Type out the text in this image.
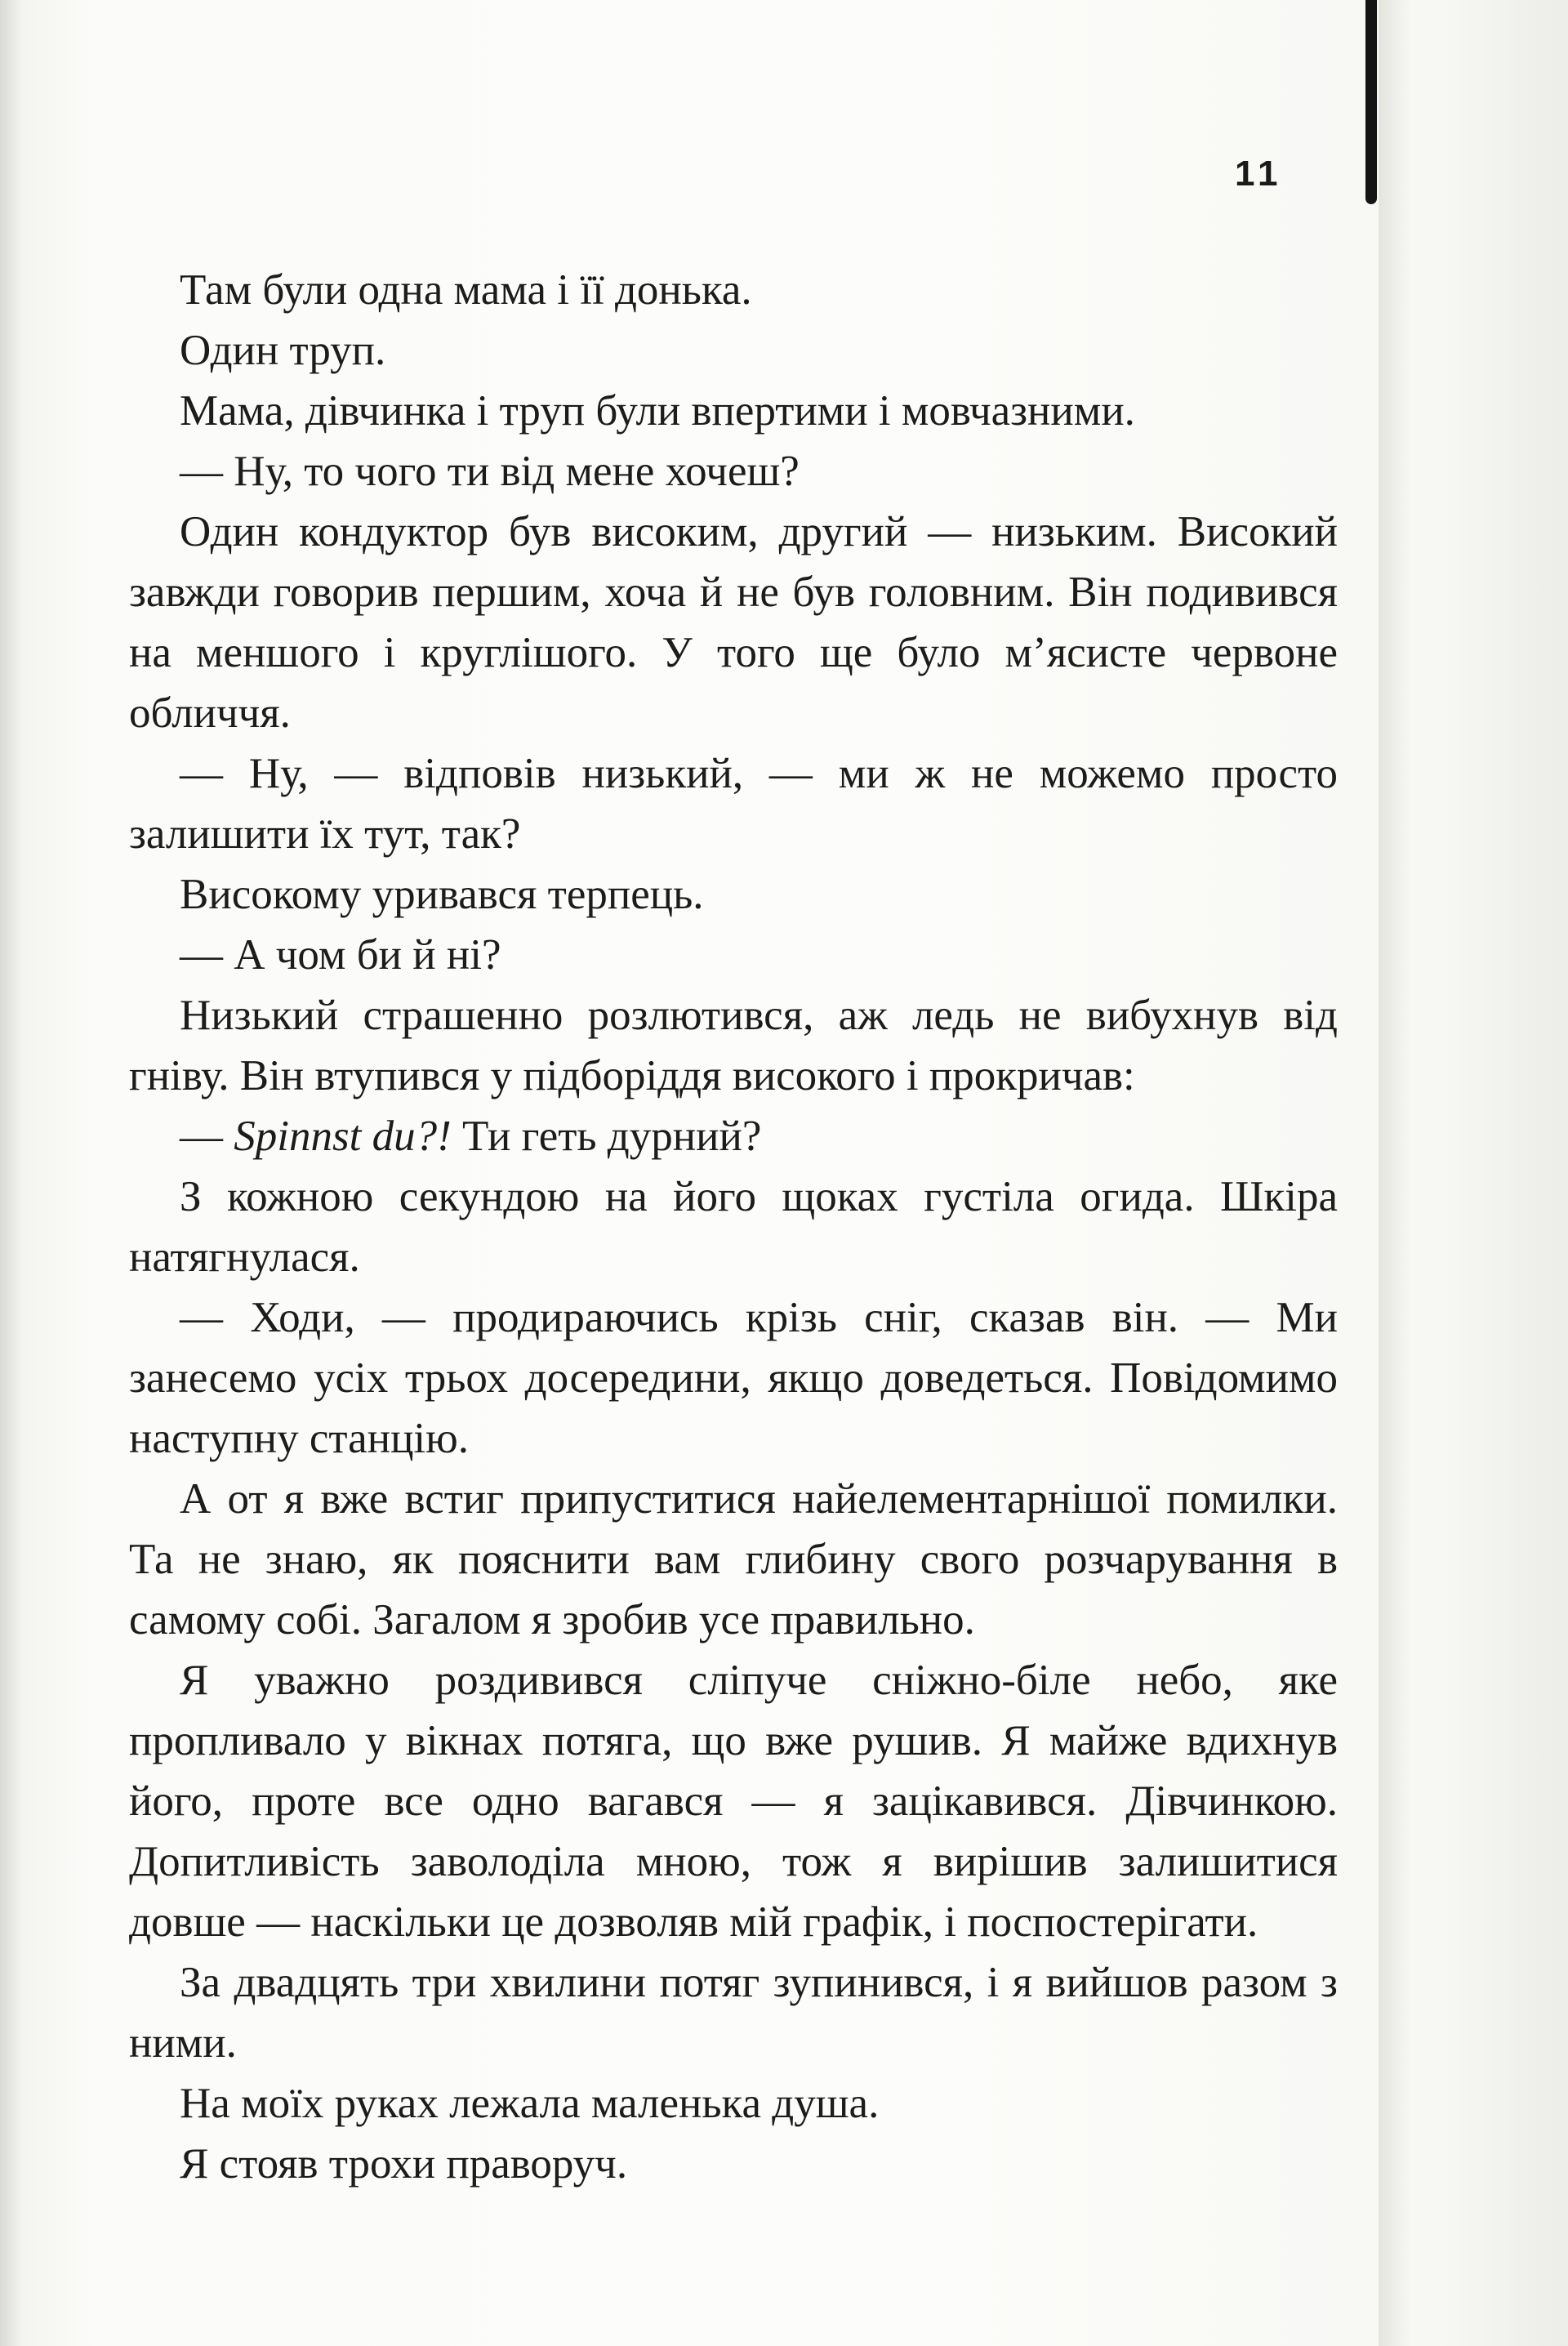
11

Там були одна мама і її донька.

Один труп.

Мама, дівчинка і труп були впертими і мовчазними.

— Ну, то чого ти від мене хочеш?

Один кондуктор був високим, другий — низьким. Високий завжди говорив першим, хоча й не був головним. Він подивився на меншого і круглішого. У того ще було м’ясисте червоне обличчя.

— Ну, — відповів низький, — ми ж не можемо просто залишити їх тут, так?

Високому уривався терпець.

— А чом би й ні?

Низький страшенно розлютився, аж ледь не вибухнув від гніву. Він втупився у підборіддя високого і прокричав:

— Spinnst du?! Ти геть дурний?

З кожною секундою на його щоках густіла огида. Шкіра натягнулася.

— Ходи, — продираючись крізь сніг, сказав він. — Ми занесемо усіх трьох досередини, якщо доведеться. Повідомимо наступну станцію.

А от я вже встиг припуститися найелементарнішої помилки. Та не знаю, як пояснити вам глибину свого розчарування в самому собі. Загалом я зробив усе правильно.

Я уважно роздивився сліпуче сніжно-біле небо, яке пропливало у вікнах потяга, що вже рушив. Я майже вдихнув його, проте все одно вагався — я зацікавився. Дівчинкою. Допитливість заволоділа мною, тож я вирішив залишитися довше — наскільки це дозволяв мій графік, і поспостерігати.

За двадцять три хвилини потяг зупинився, і я вийшов разом з ними.

На моїх руках лежала маленька душа.

Я стояв трохи праворуч.
